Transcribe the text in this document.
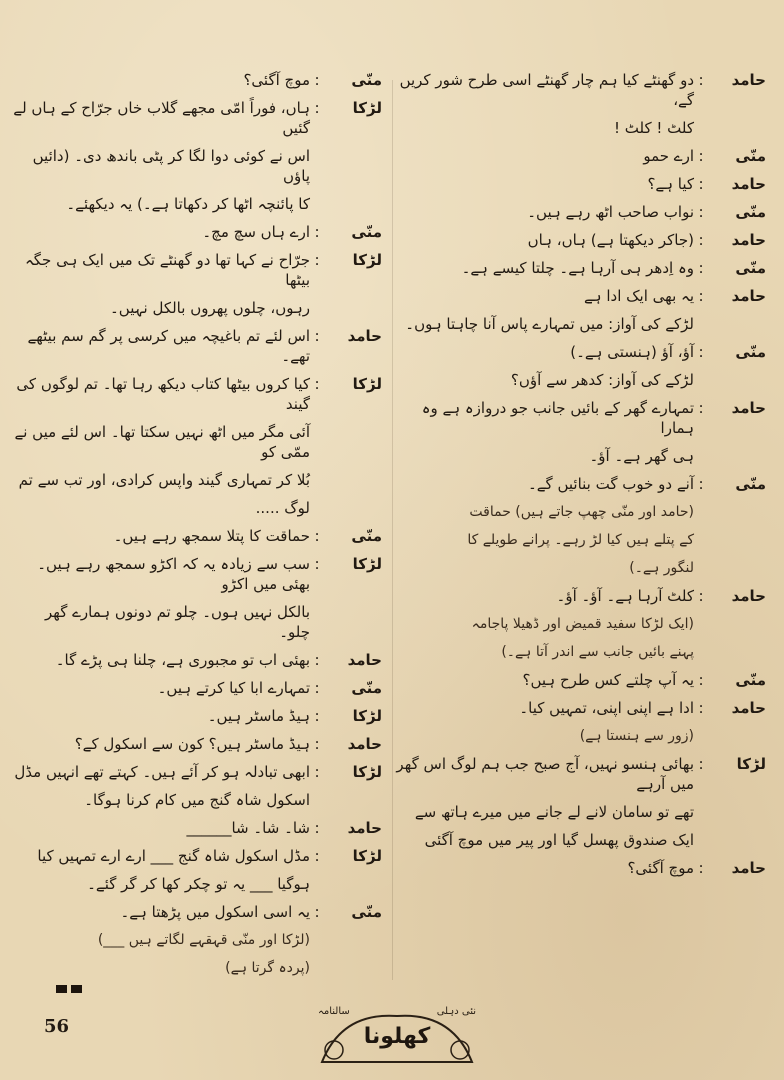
حامد
:
دو گھنٹے کیا ہم چار گھنٹے اسی طرح شور کریں گے،
کلٹ ! کلٹ !
منّی
:
ارے حمو
حامد
:
کیا ہے؟
منّی
:
نواب صاحب اٹھ رہے ہیں۔
حامد
:
(جاکر دیکھتا ہے) ہاں، ہاں
منّی
:
وہ اِدھر ہی آرہا ہے۔ چلتا کیسے ہے۔
حامد
:
یہ بھی ایک ادا ہے
لڑکے کی آواز: میں تمہارے پاس آنا چاہتا ہوں۔
منّی
:
آؤ، آؤ (ہنستی ہے۔)
لڑکے کی آواز: کدھر سے آؤں؟
حامد
:
تمہارے گھر کے بائیں جانب جو دروازہ ہے وہ ہمارا
ہی گھر ہے۔ آؤ۔
منّی
:
آنے دو خوب گت بنائیں گے۔
(حامد اور منّی چھپ جاتے ہیں) حماقت
کے پتلے ہیں کیا لڑ رہے۔ پرانے طویلے کا
لنگور ہے۔)
حامد
:
کلٹ آرہا ہے۔ آؤ۔ آؤ۔
(ایک لڑکا سفید قمیض اور ڈھیلا پاجامہ
پہنے بائیں جانب سے اندر آتا ہے۔)
منّی
:
یہ آپ چلتے کس طرح ہیں؟
حامد
:
ادا ہے اپنی اپنی، تمہیں کیا۔
(زور سے ہنستا ہے)
لڑکا
:
بھائی ہنسو نہیں، آج صبح جب ہم لوگ اس گھر میں آرہے
تھے تو سامان لانے لے جانے میں میرے ہاتھ سے
ایک صندوق پھسل گیا اور پیر میں موچ آگئی
حامد
:
موچ آگئی؟
منّی
:
موچ آگئی؟
لڑکا
:
ہاں، فوراً امّی مجھے گلاب خاں جرّاح کے ہاں لے گئیں
اس نے کوئی دوا لگا کر پٹی باندھ دی۔ (دائیں پاؤں
کا پائنچہ اٹھا کر دکھاتا ہے۔) یہ دیکھئے۔
منّی
:
ارے ہاں سچ مچ۔
لڑکا
:
جرّاح نے کہا تھا دو گھنٹے تک میں ایک ہی جگہ بیٹھا
رہوں، چلوں پھروں بالکل نہیں۔
حامد
:
اس لئے تم باغیچہ میں کرسی پر گم سم بیٹھے تھے۔
لڑکا
:
کیا کروں بیٹھا کتاب دیکھ رہا تھا۔ تم لوگوں کی گیند
آئی مگر میں اٹھ نہیں سکتا تھا۔ اس لئے میں نے ممّی کو
بُلا کر تمہاری گیند واپس کرادی، اور تب سے تم
لوگ .....
منّی
:
حماقت کا پتلا سمجھ رہے ہیں۔
لڑکا
:
سب سے زیادہ یہ کہ اکڑو سمجھ رہے ہیں۔ بھئی میں اکڑو
بالکل نہیں ہوں۔ چلو تم دونوں ہمارے گھر چلو۔
حامد
:
بھئی اب تو مجبوری ہے، چلنا ہی پڑے گا۔
منّی
:
تمہارے ابا کیا کرتے ہیں۔
لڑکا
:
ہیڈ ماسٹر ہیں۔
حامد
:
ہیڈ ماسٹر ہیں؟ کون سے اسکول کے؟
لڑکا
:
ابھی تبادلہ ہو کر آئے ہیں۔ کہتے تھے انہیں مڈل
اسکول شاہ گنج میں کام کرنا ہوگا۔
حامد
:
شا۔ شا۔ شا______
لڑکا
:
مڈل اسکول شاہ گنج ___ ارے ارے تمہیں کیا
ہوگیا ___ یہ تو چکر کھا کر گر گئے۔
منّی
:
یہ اسی اسکول میں پڑھتا ہے۔
(لڑکا اور منّی قہقہے لگاتے ہیں ___)
(پردہ گرتا ہے)
سالنامہ	نئی دہلی
کھلونا
56
